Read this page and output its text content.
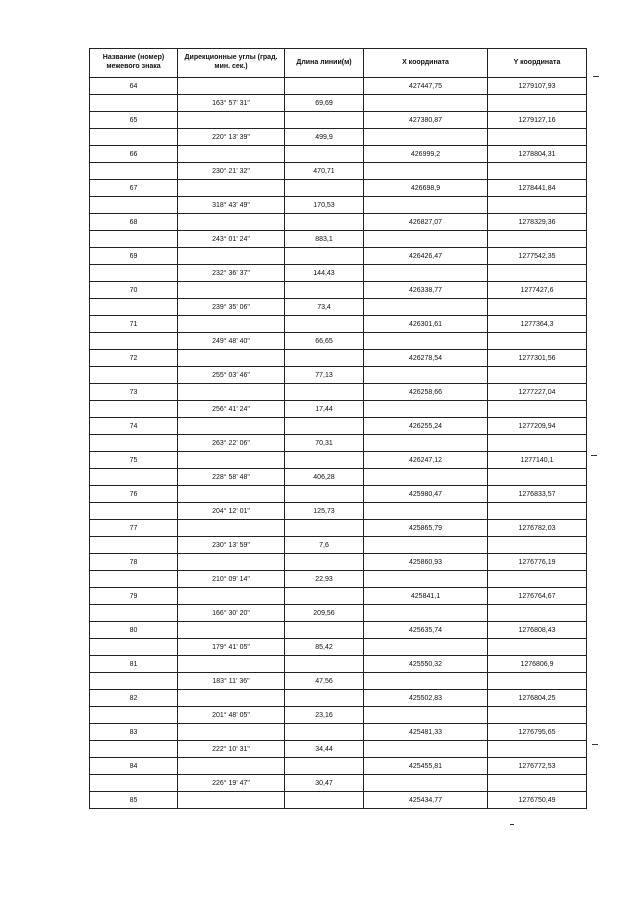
Название (номер) межевого знака	Дирекционные углы (град. мин. сек.)	Длина линии(м)	X координата	Y координата
64			427447,75	1279107,93
	163° 57' 31"	69,69		
65			427380,87	1279127,16
	220° 13' 39"	499,9		
66			426999,2	1278804,31
	230° 21' 32"	470,71		
67			426698,9	1278441,84
	318° 43' 49"	170,53		
68			426827,07	1278329,36
	243° 01' 24"	883,1		
69			426426,47	1277542,35
	232° 36' 37"	144,43		
70			426338,77	1277427,6
	239° 35' 06"	73,4		
71			426301,61	1277364,3
	249° 48' 40"	66,65		
72			426278,54	1277301,56
	255° 03' 46"	77,13		
73			426258,66	1277227,04
	256° 41' 24"	17,44		
74			426255,24	1277209,94
	263° 22' 06"	70,31		
75			426247,12	1277140,1
	228° 58' 48"	406,28		
76			425980,47	1276833,57
	204° 12' 01"	125,73		
77			425865,79	1276782,03
	230° 13' 59"	7,6		
78			425860,93	1276776,19
	210° 09' 14"	22,93		
79			425841,1	1276764,67
	166° 30' 20"	209,56		
80			425635,74	1276808,43
	179° 41' 05"	85,42		
81			425550,32	1276806,9
	183° 11' 36"	47,56		
82			425502,83	1276804,25
	201° 48' 05"	23,16		
83			425481,33	1276795,65
	222° 10' 31"	34,44		
84			425455,81	1276772,53
	226° 19' 47"	30,47		
85			425434,77	1276750,49
